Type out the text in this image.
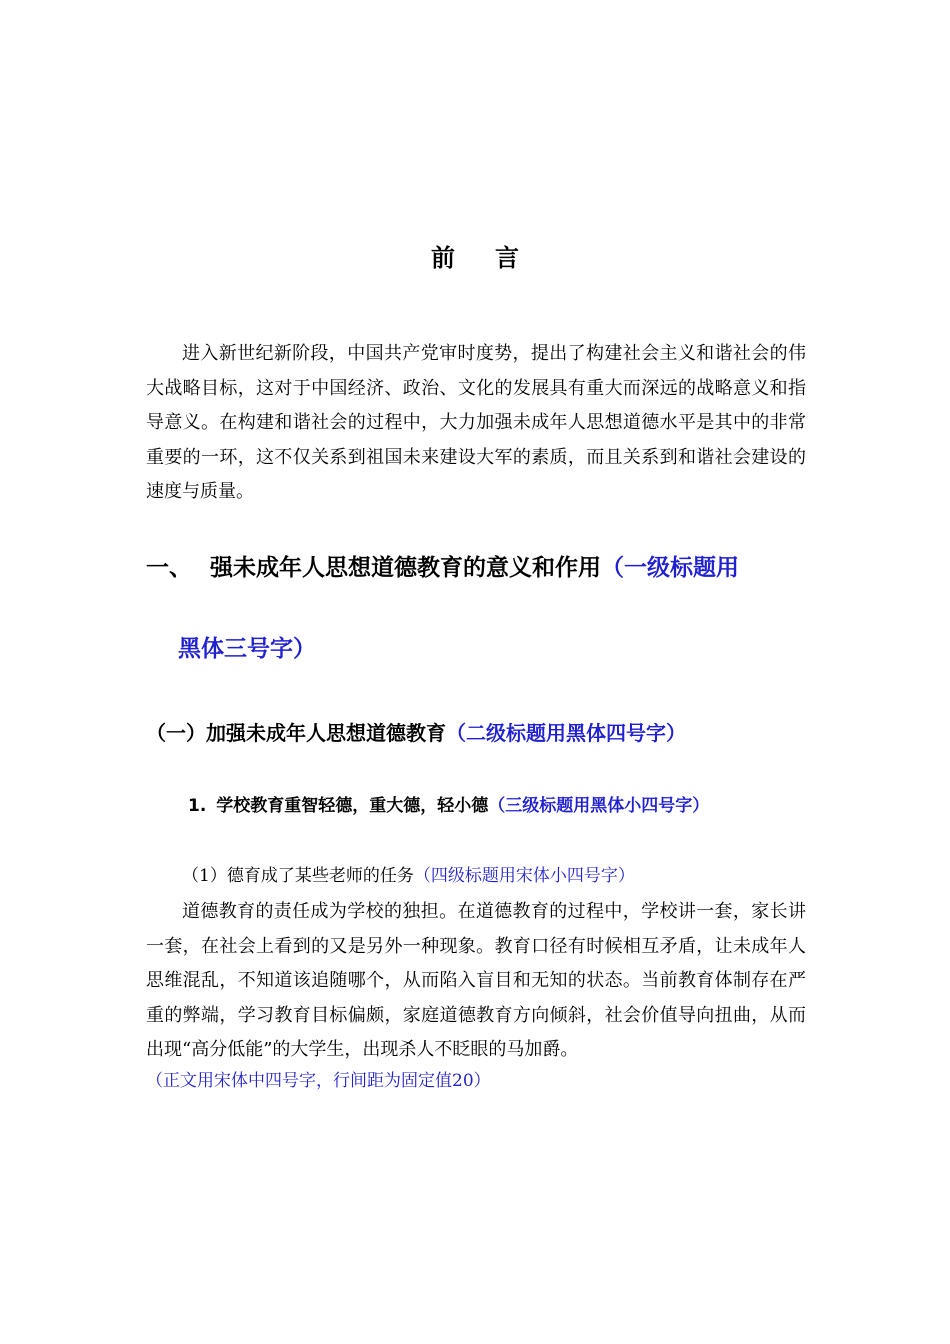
前 言
进入新世纪新阶段，中国共产党审时度势，提出了构建社会主义和谐社会的伟大战略目标，这对于中国经济、政治、文化的发展具有重大而深远的战略意义和指导意义。在构建和谐社会的过程中，大力加强未成年人思想道德水平是其中的非常重要的一环，这不仅关系到祖国未来建设大军的素质，而且关系到和谐社会建设的速度与质量。
一、 强未成年人思想道德教育的意义和作用（一级标题用
黑体三号字）
（一）加强未成年人思想道德教育（二级标题用黑体四号字）
1. 学校教育重智轻德，重大德，轻小德（三级标题用黑体小四号字）
（1）德育成了某些老师的任务（四级标题用宋体小四号字）
道德教育的责任成为学校的独担。在道德教育的过程中，学校讲一套，家长讲一套，在社会上看到的又是另外一种现象。教育口径有时候相互矛盾，让未成年人思维混乱，不知道该追随哪个，从而陷入盲目和无知的状态。当前教育体制存在严重的弊端，学习教育目标偏颇，家庭道德教育方向倾斜，社会价值导向扭曲，从而出现“高分低能”的大学生，出现杀人不眨眼的马加爵。
（正文用宋体中四号字，行间距为固定值20）
